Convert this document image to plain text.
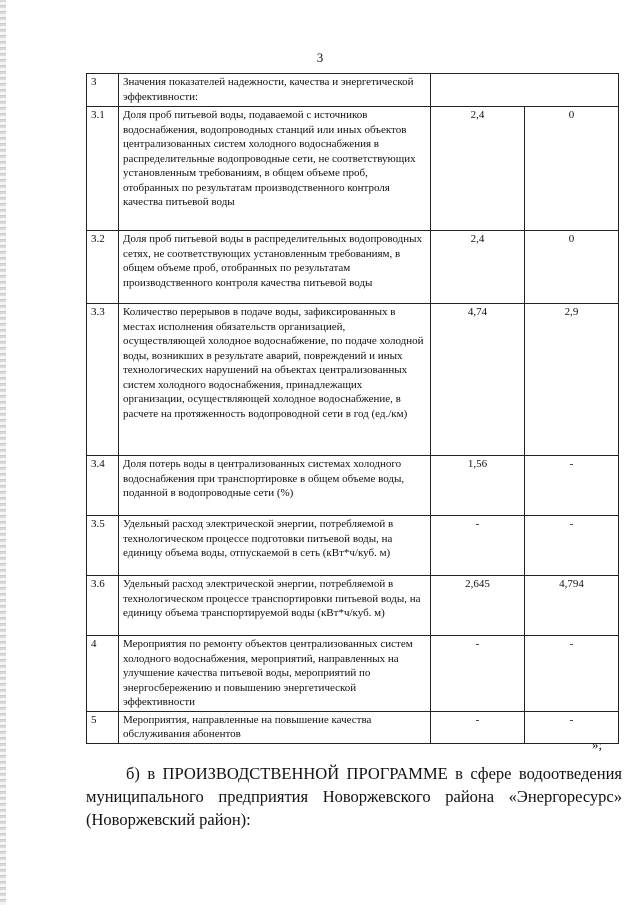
3
3	Значения показателей надежности, качества и энергетической эффективности:		
3.1	Доля проб питьевой воды, подаваемой с источников водоснабжения, водопроводных станций или иных объектов централизованных систем холодного водоснабжения в распределительные водопроводные сети, не соответствующих установленным требованиям, в общем объеме проб, отобранных по результатам производственного контроля качества питьевой воды	2,4	0
3.2	Доля проб питьевой воды в распределительных водопроводных сетях, не соответствующих установленным требованиям, в общем объеме проб, отобранных по результатам производственного контроля качества питьевой воды	2,4	0
3.3	Количество перерывов в подаче воды, зафиксированных в местах исполнения обязательств организацией, осуществляющей холодное водоснабжение, по подаче холодной воды, возникших в результате аварий, повреждений и иных технологических нарушений на объектах централизованных систем холодного водоснабжения, принадлежащих организации, осуществляющей холодное водоснабжение, в расчете на протяженность водопроводной сети в год (ед./км)	4,74	2,9
3.4	Доля потерь воды в централизованных системах холодного водоснабжения при транспортировке в общем объеме воды, поданной в водопроводные сети (%)	1,56	-
3.5	Удельный расход электрической энергии, потребляемой в технологическом процессе подготовки питьевой воды, на единицу объема воды, отпускаемой в сеть (кВт*ч/куб. м)	-	-
3.6	Удельный расход электрической энергии, потребляемой в технологическом процессе транспортировки питьевой воды, на единицу объема транспортируемой воды (кВт*ч/куб. м)	2,645	4,794
4	Мероприятия по ремонту объектов централизованных систем холодного водоснабжения, мероприятий, направленных на улучшение качества питьевой воды, мероприятий по энергосбережению и повышению энергетической эффективности	-	-
5	Мероприятия, направленные на повышение качества обслуживания абонентов	-	-
»;
б) в ПРОИЗВОДСТВЕННОЙ ПРОГРАММЕ в сфере водоотведения
муниципального предприятия Новоржевского района «Энергоресурс»
(Новоржевский район):
